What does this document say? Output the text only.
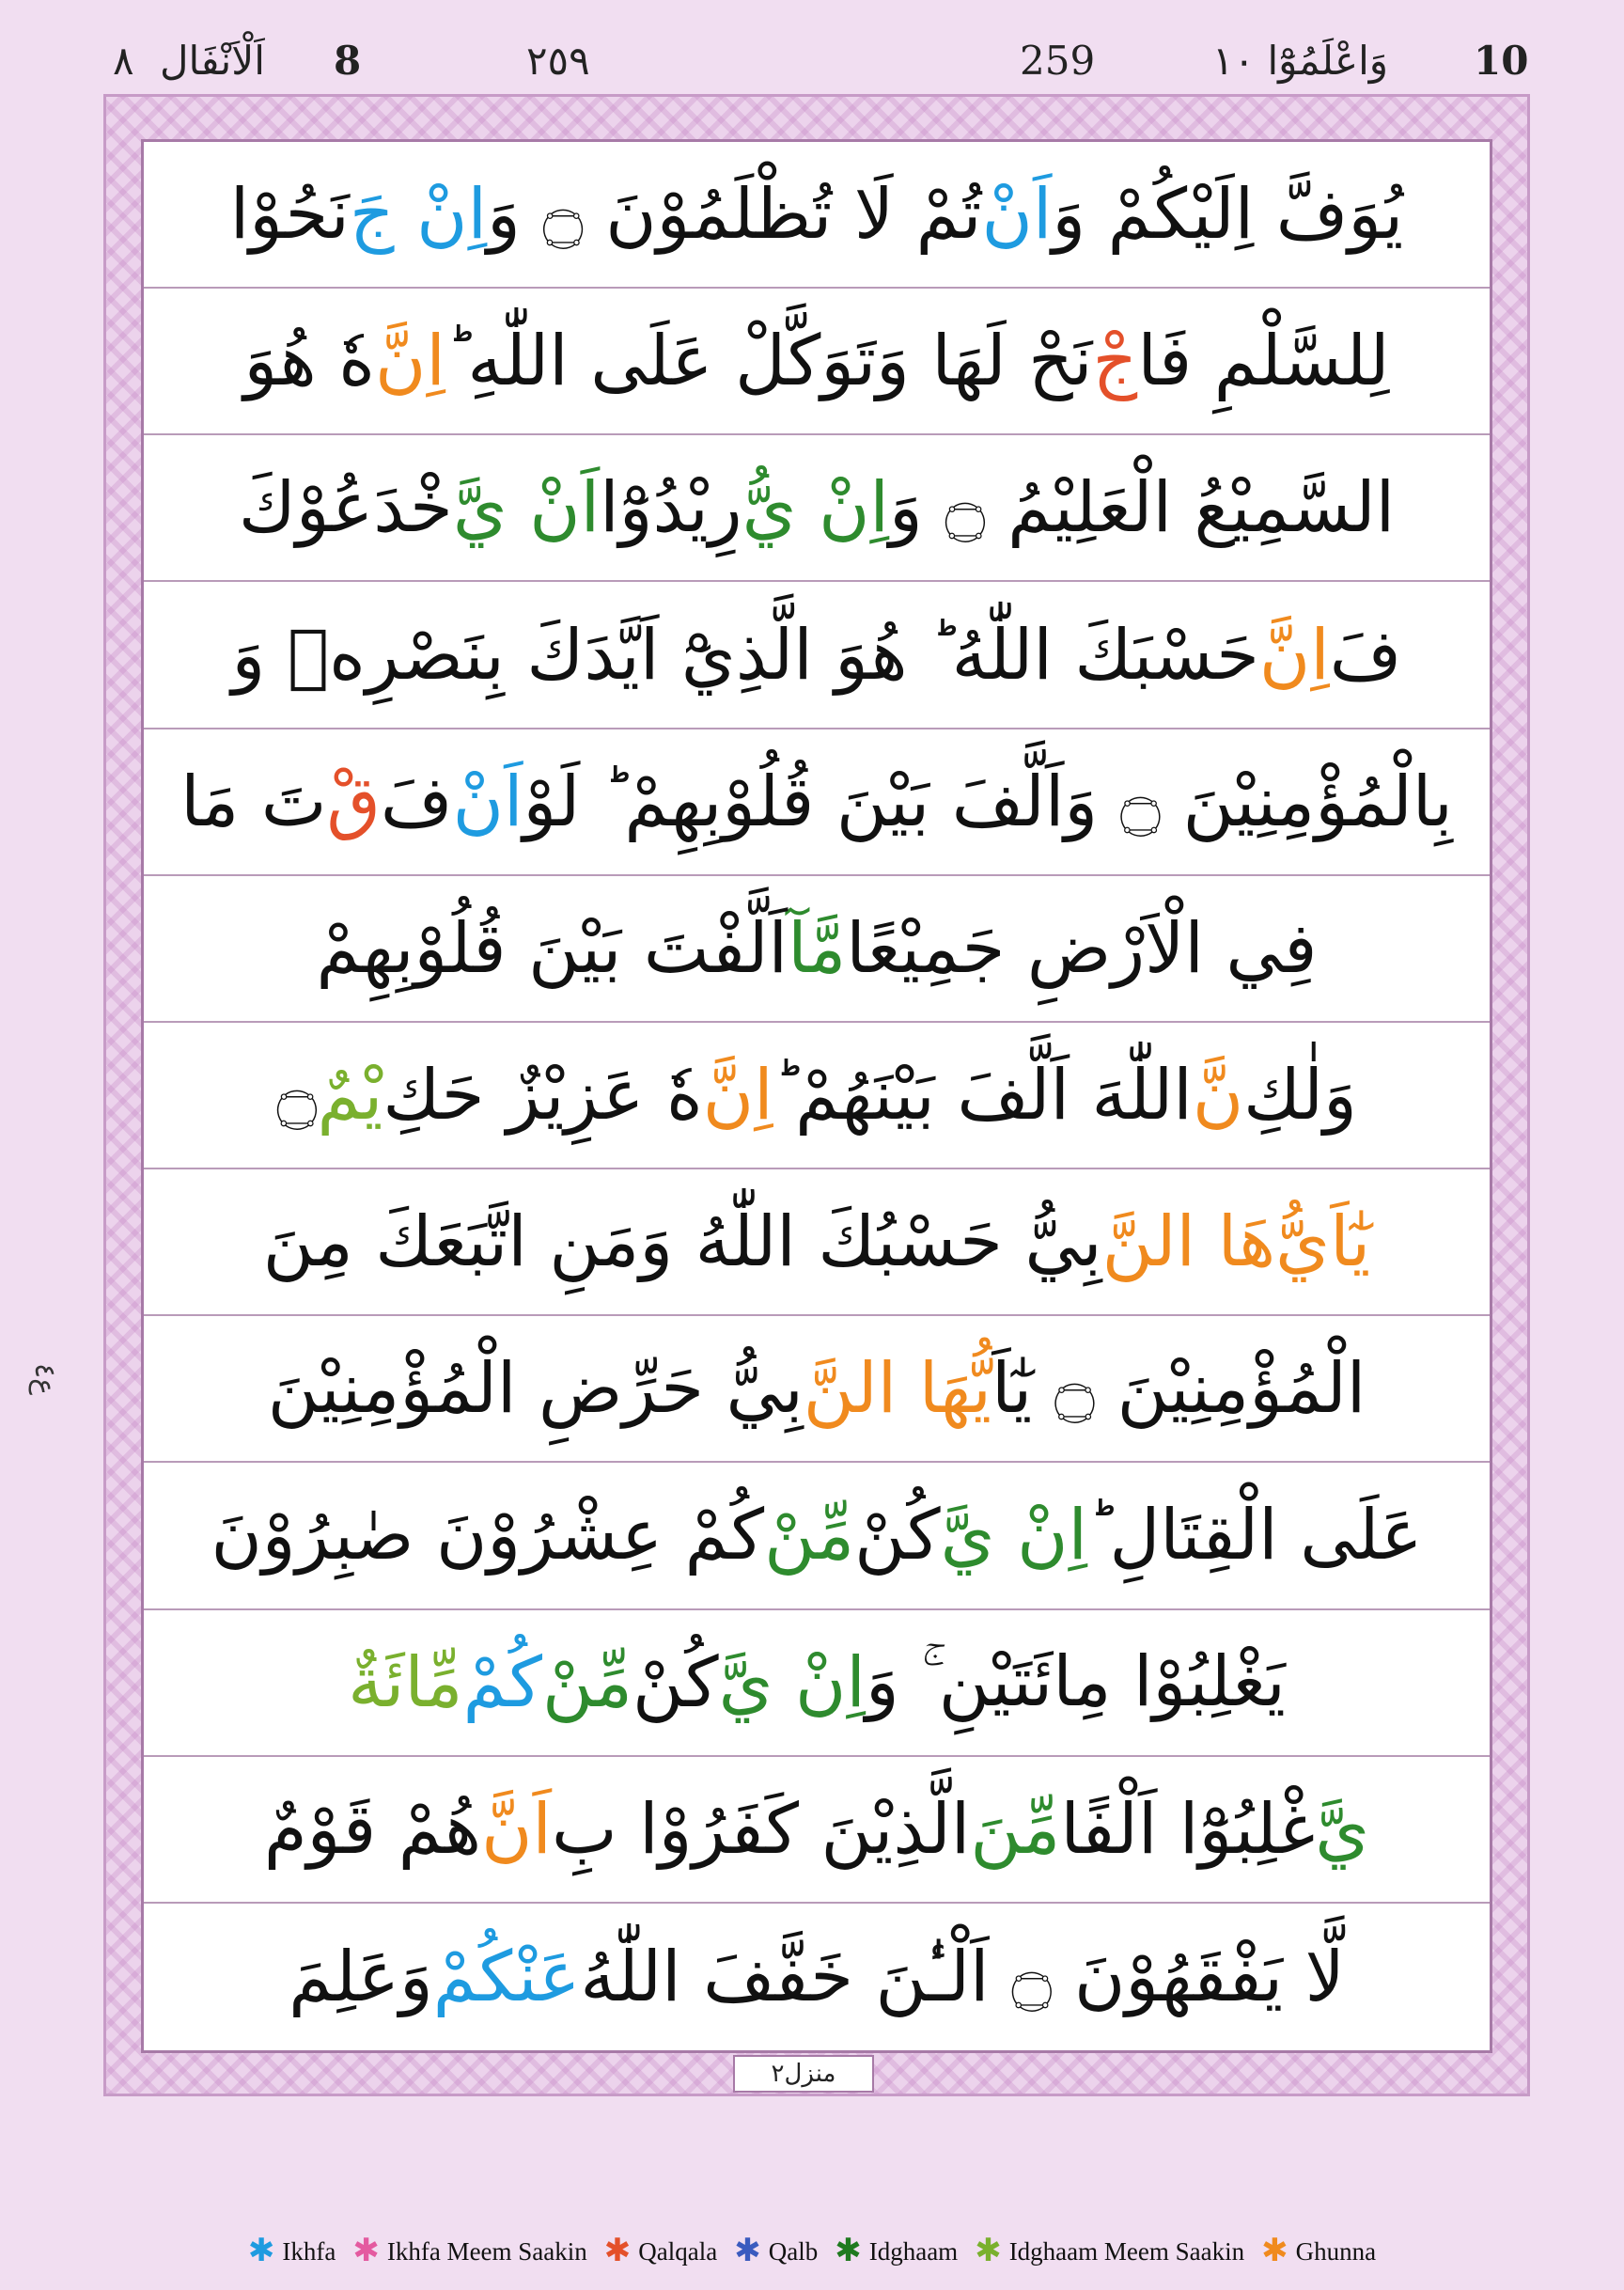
٨ اَلْاَنْفَال 8	٢٥٩	259	وَاعْلَمُوْٓا ١٠ 10
يُوَفَّ اِلَيْكُمْ وَ
اَنْ
تُمْ لَا تُظْلَمُوْنَ ۝ وَ
اِنْ جَ
نَحُوْا
لِلسَّلْمِ فَا
جْ
نَحْ لَهَا وَتَوَكَّلْ عَلَى اللّٰهِ ؕ
اِنَّ
هٗ هُوَ
السَّمِيْعُ الْعَلِيْمُ ۝ وَ
اِنْ يُّ
رِيْدُوْٓا
اَنْ يَّ
خْدَعُوْكَ
فَ
اِنَّ
حَسْبَكَ اللّٰهُ ؕ هُوَ الَّذِيْٓ اَيَّدَكَ بِنَصْرِهٖ وَ
بِالْمُؤْمِنِيْنَ ۝ وَاَلَّفَ بَيْنَ قُلُوْبِهِمْ ؕ لَوْ
اَنْ
فَ
قْ
تَ مَا
فِي الْاَرْضِ جَمِيْعًا
مَّآ
اَلَّفْتَ بَيْنَ قُلُوْبِهِمْ
وَلٰكِ
نَّ
اللّٰهَ اَلَّفَ بَيْنَهُمْ ؕ
اِنَّ
هٗ عَزِيْزٌ حَكِ
يْمٌ
۝
يٰٓاَيُّ
هَا النَّ
بِيُّ حَسْبُكَ اللّٰهُ وَمَنِ اتَّبَعَكَ مِنَ
الْمُؤْمِنِيْنَ ۝ يٰٓاَ
يُّهَا النَّ
بِيُّ حَرِّضِ الْمُؤْمِنِيْنَ
عَلَى الْقِتَالِ ؕ
اِنْ يَّ
كُنْ
مِّنْ
كُمْ عِشْرُوْنَ صٰبِرُوْنَ
يَغْلِبُوْا مِائَتَيْنِ ۚ وَ
اِنْ يَّ
كُنْ
مِّنْ
كُمْ
مِّائَةٌ
يَّ
غْلِبُوْٓا اَلْفًا
مِّنَ
الَّذِيْنَ كَفَرُوْا بِ
اَنَّ
هُمْ قَوْمٌ
لَّا يَفْقَهُوْنَ ۝ اَلْـٰٔنَ خَفَّفَ اللّٰهُ
عَنْكُمْ
وَعَلِمَ
ع٤
منزل٢
✱ Ikhfa ✱ Ikhfa Meem Saakin ✱ Qalqala ✱ Qalb ✱ Idghaam ✱ Idghaam Meem Saakin ✱ Ghunna
